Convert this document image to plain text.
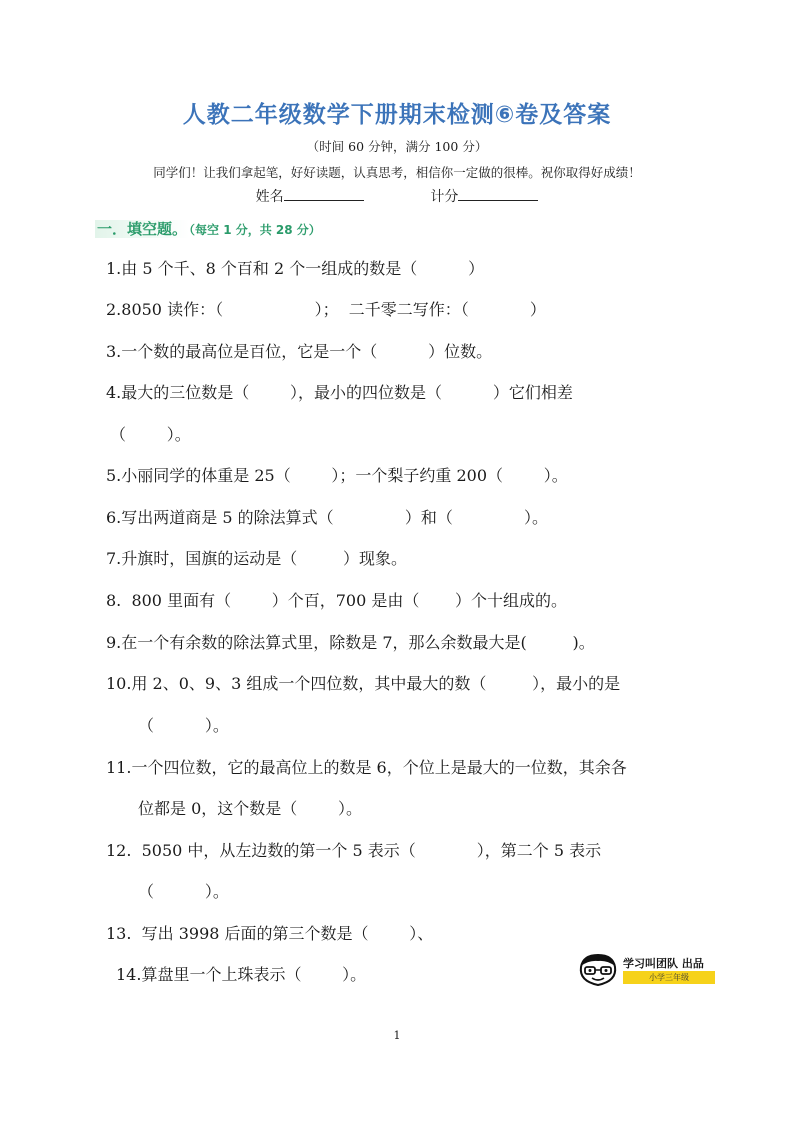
人教二年级数学下册期末检测⑥卷及答案
（时间 60 分钟，满分 100 分）
同学们！让我们拿起笔，好好读题，认真思考，相信你一定做的很棒。祝你取得好成绩！
姓名	计分
一．填空题。 （每空 1 分，共 28 分）
1.由 5 个千、8 个百和 2 个一组成的数是（          ）
2.8050 读作：（                  ）；  二千零二写作：（            ）
3.一个数的最高位是百位，它是一个（          ）位数。
4.最大的三位数是（        ），最小的四位数是（          ）它们相差
（        ）。
5.小丽同学的体重是 25（        ）；一个梨子约重 200（        ）。
6.写出两道商是 5 的除法算式（              ）和（              ）。
7.升旗时，国旗的运动是（         ）现象。
8.  800 里面有（        ）个百，700 是由（       ）个十组成的。
9.在一个有余数的除法算式里，除数是 7，那么余数最大是(         )。
10.用 2、0、9、3 组成一个四位数，其中最大的数（         ），最小的是
（          ）。
11.一个四位数，它的最高位上的数是 6，个位上是最大的一位数，其余各
位都是 0，这个数是（        ）。
12.  5050 中，从左边数的第一个 5 表示（            ），第二个 5 表示
（          ）。
13.  写出 3998 后面的第三个数是（        ）、
14.算盘里一个上珠表示（        ）。
学习叫团队 出品
小学三年级
1
